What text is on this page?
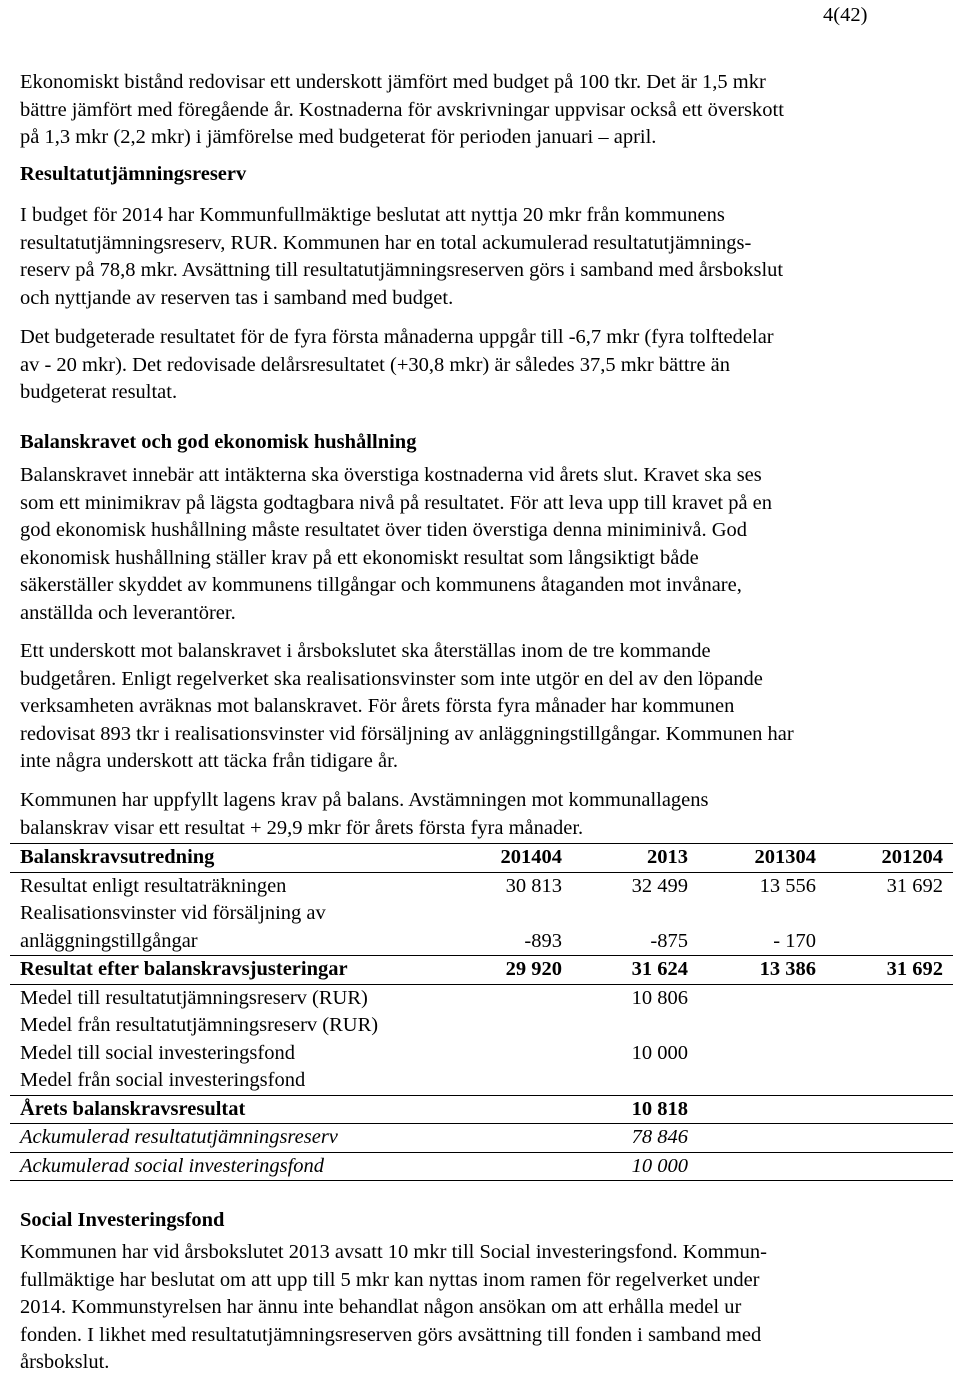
4(42)

Ekonomiskt bistånd redovisar ett underskott jämfört med budget på 100 tkr. Det är 1,5 mkr
bättre jämfört med föregående år. Kostnaderna för avskrivningar uppvisar också ett överskott
på 1,3 mkr (2,2 mkr) i jämförelse med budgeterat för perioden januari – april.

Resultatutjämningsreserv

I budget för 2014 har Kommunfullmäktige beslutat att nyttja 20 mkr från kommunens
resultatutjämningsreserv, RUR. Kommunen har en total ackumulerad resultatutjämnings-
reserv på 78,8 mkr. Avsättning till resultatutjämningsreserven görs i samband med årsbokslut
och nyttjande av reserven tas i samband med budget.

Det budgeterade resultatet för de fyra första månaderna uppgår till -6,7 mkr (fyra tolftedelar
av - 20 mkr). Det redovisade delårsresultatet (+30,8 mkr) är således 37,5 mkr bättre än
budgeterat resultat.

Balanskravet och god ekonomisk hushållning

Balanskravet innebär att intäkterna ska överstiga kostnaderna vid årets slut. Kravet ska ses
som ett minimikrav på lägsta godtagbara nivå på resultatet. För att leva upp till kravet på en
god ekonomisk hushållning måste resultatet över tiden överstiga denna miniminivå. God
ekonomisk hushållning ställer krav på ett ekonomiskt resultat som långsiktigt både
säkerställer skyddet av kommunens tillgångar och kommunens åtaganden mot invånare,
anställda och leverantörer.

Ett underskott mot balanskravet i årsbokslutet ska återställas inom de tre kommande
budgetåren. Enligt regelverket ska realisationsvinster som inte utgör en del av den löpande
verksamheten avräknas mot balanskravet. För årets första fyra månader har kommunen
redovisat 893 tkr i realisationsvinster vid försäljning av anläggningstillgångar. Kommunen har
inte några underskott att täcka från tidigare år.

Kommunen har uppfyllt lagens krav på balans. Avstämningen mot kommunallagens
balanskrav visar ett resultat + 29,9 mkr för årets första fyra månader.

Balanskravsutredning	201404	2013	201304	201204
Resultat enligt resultaträkningen	30 813	32 499	13 556	31 692

Realisationsvinster vid försäljning av
anläggningstillgångar	-893	-875	- 170	
Resultat efter balanskravsjusteringar	29 920	31 624	13 386	31 692
Medel till resultatutjämningsreserv (RUR)		10 806		
Medel från resultatutjämningsreserv (RUR)				
Medel till social investeringsfond		10 000		
Medel från social investeringsfond				
Årets balanskravsresultat		10 818		
Ackumulerad resultatutjämningsreserv		78 846		
Ackumulerad social investeringsfond		10 000		
Social Investeringsfond

Kommunen har vid årsbokslutet 2013 avsatt 10 mkr till Social investeringsfond. Kommun-
fullmäktige har beslutat om att upp till 5 mkr kan nyttas inom ramen för regelverket under
2014. Kommunstyrelsen har ännu inte behandlat någon ansökan om att erhålla medel ur
fonden. I likhet med resultatutjämningsreserven görs avsättning till fonden i samband med
årsbokslut.
